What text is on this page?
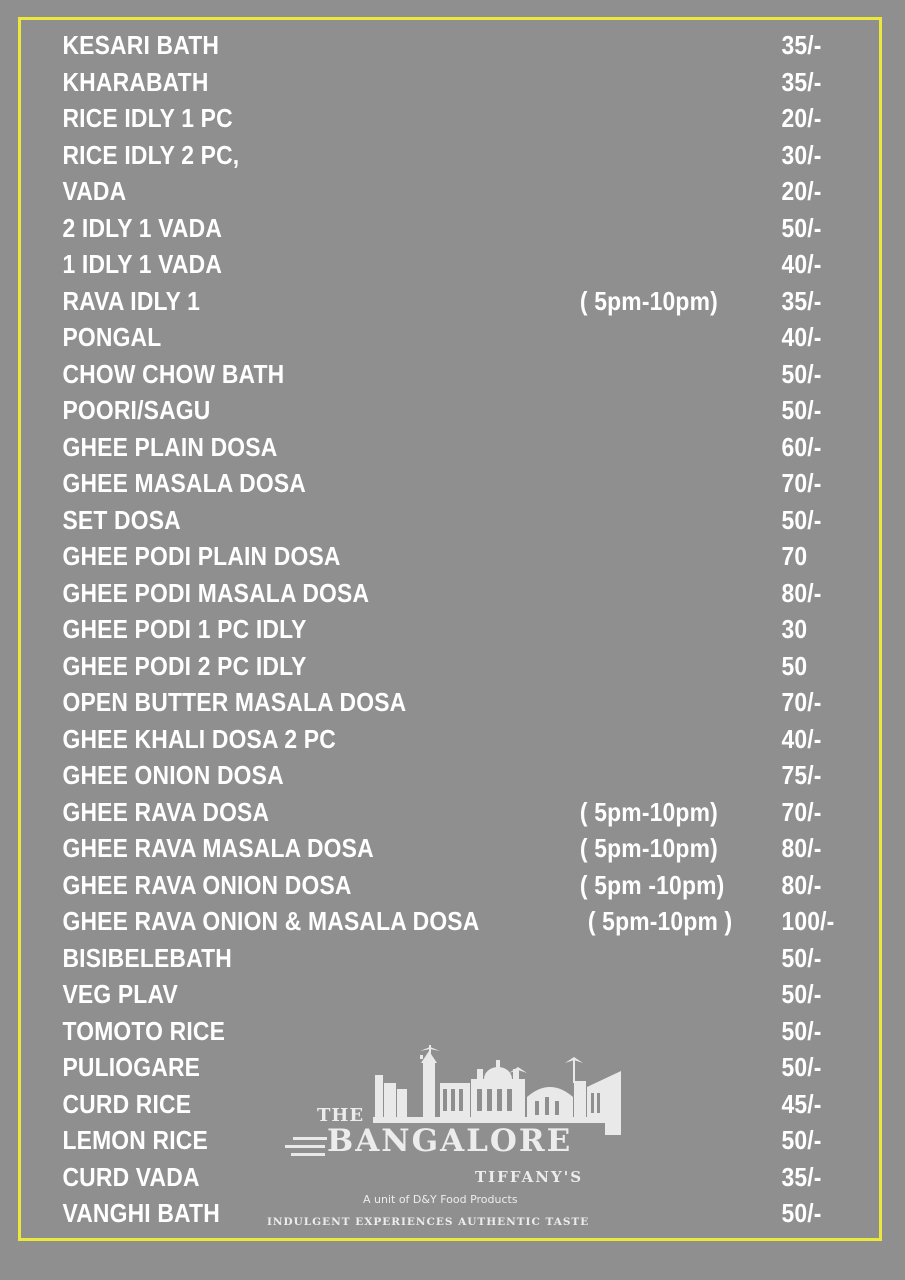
KESARI BATH	35/-
KHARABATH	35/-
RICE IDLY 1 PC	20/-
RICE IDLY 2 PC,	30/-
VADA	20/-
2 IDLY 1 VADA	50/-
1 IDLY 1 VADA	40/-
RAVA IDLY 1	( 5pm-10pm) 35/-
PONGAL	40/-
CHOW CHOW BATH	50/-
POORI/SAGU	50/-
GHEE PLAIN DOSA	60/-
GHEE MASALA DOSA	70/-
SET DOSA	50/-
GHEE PODI PLAIN DOSA	70
GHEE PODI MASALA DOSA	80/-
GHEE PODI 1 PC IDLY	30
GHEE PODI 2 PC IDLY	50
OPEN BUTTER MASALA DOSA	70/-
GHEE KHALI DOSA 2 PC	40/-
GHEE ONION DOSA	75/-
GHEE RAVA DOSA	( 5pm-10pm) 70/-
GHEE RAVA MASALA DOSA	( 5pm-10pm) 80/-
GHEE RAVA ONION DOSA	( 5pm -10pm) 80/-
GHEE RAVA ONION & MASALA DOSA	( 5pm-10pm ) 100/-
BISIBELEBATH	50/-
VEG PLAV	50/-
TOMOTO RICE	50/-
PULIOGARE	50/-
CURD RICE	45/-
LEMON RICE	50/-
CURD VADA	35/-
VANGHI BATH	50/-
THE
BANGALORE
TIFFANY'S
A unit of D&Y Food Products
INDULGENT EXPERIENCES AUTHENTIC TASTE
